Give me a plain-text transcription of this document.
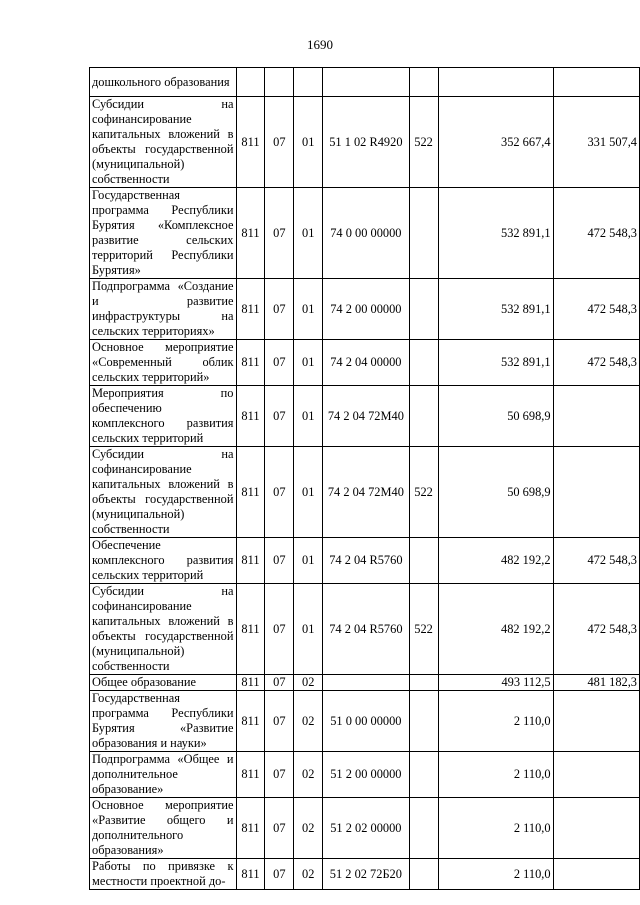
1690
дошкольного образования							
Субсидии на софинансирование капитальных вложений в объекты государственной (муниципальной) собственности	811	07	01	51 1 02 R4920	522	352 667,4	331 507,4
Государственная программа Республики Бурятия «Комплексное развитие сельских территорий Республики Бурятия»	811	07	01	74 0 00 00000		532 891,1	472 548,3
Подпрограмма «Создание и развитие инфраструктуры на сельских территориях»	811	07	01	74 2 00 00000		532 891,1	472 548,3
Основное мероприятие «Современный облик сельских территорий»	811	07	01	74 2 04 00000		532 891,1	472 548,3
Мероприятия по обеспечению комплексного развития сельских территорий	811	07	01	74 2 04 72М40		50 698,9	
Субсидии на софинансирование капитальных вложений в объекты государственной (муниципальной) собственности	811	07	01	74 2 04 72М40	522	50 698,9	
Обеспечение комплексного развития сельских территорий	811	07	01	74 2 04 R5760		482 192,2	472 548,3
Субсидии на софинансирование капитальных вложений в объекты государственной (муниципальной) собственности	811	07	01	74 2 04 R5760	522	482 192,2	472 548,3
Общее образование	811	07	02			493 112,5	481 182,3
Государственная программа Республики Бурятия «Развитие образования и науки»	811	07	02	51 0 00 00000		2 110,0	
Подпрограмма «Общее и дополнительное образование»	811	07	02	51 2 00 00000		2 110,0	
Основное мероприятие «Развитие общего и дополнительного образования»	811	07	02	51 2 02 00000		2 110,0	
Работы по привязке к местности проектной до-	811	07	02	51 2 02 72Б20		2 110,0	
